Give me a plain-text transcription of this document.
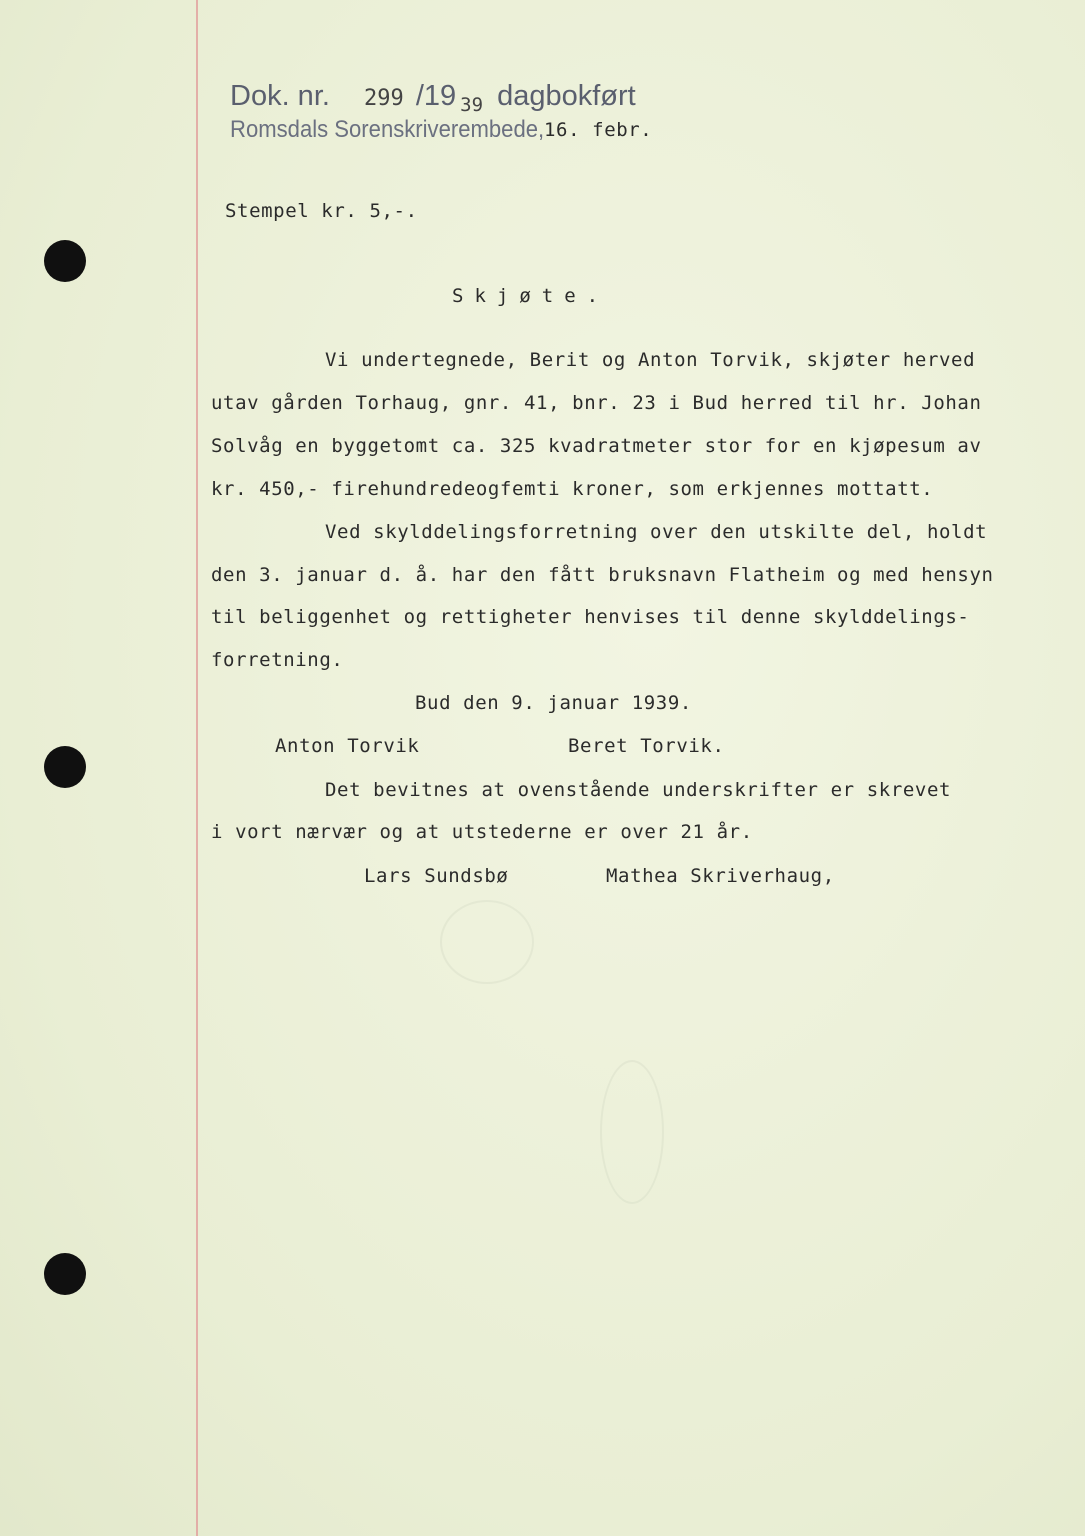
Dok. nr. 299 /19 $_{39}$ dagbokført
Romsdals Sorenskriverembede, 16. febr.
Stempel kr. 5,-.
Skjøte.
Vi undertegnede, Berit og Anton Torvik, skjøter herved
utav gården Torhaug, gnr. 41, bnr. 23 i Bud herred til hr. Johan
Solvåg en byggetomt ca. 325 kvadratmeter stor for en kjøpesum av
kr. 450,- firehundredeogfemti kroner, som erkjennes mottatt.
Ved skylddelingsforretning over den utskilte del, holdt
den 3. januar d. å. har den fått bruksnavn Flatheim og med hensyn
til beliggenhet og rettigheter henvises til denne skylddelings-
forretning.
Bud den 9. januar 1939.
Anton Torvik	Beret Torvik.
Det bevitnes at ovenstående underskrifter er skrevet
i vort nærvær og at utstederne er over 21 år.
Lars Sundsbø	Mathea Skriverhaug,
